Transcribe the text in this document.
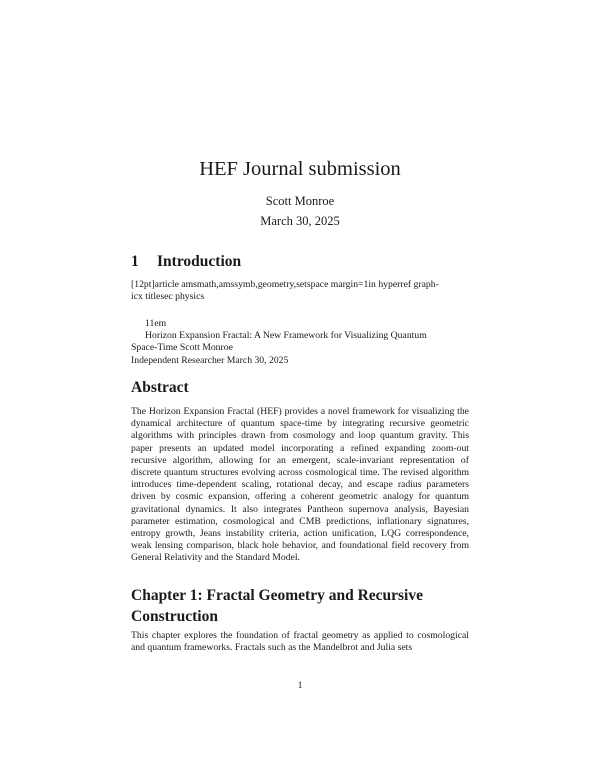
HEF Journal submission
Scott Monroe
March 30, 2025
1 Introduction

[12pt]article amsmath,amssymb,geometry,setspace margin=1in hyperref graph-

icx titlesec physics

11em

Horizon Expansion Fractal: A New Framework for Visualizing Quantum

Space-Time Scott Monroe

Independent Researcher March 30, 2025

Abstract

The Horizon Expansion Fractal (HEF) provides a novel framework for visualizing the dynamical architecture of quantum space-time by integrating recursive geometric algorithms with principles drawn from cosmology and loop quantum gravity. This paper presents an updated model incorporating a refined expanding zoom-out recursive algorithm, allowing for an emergent, scale-invariant representation of discrete quantum structures evolving across cosmological time. The revised algorithm introduces time-dependent scaling, rotational decay, and escape radius parameters driven by cosmic expansion, offering a coherent geometric analogy for quantum gravitational dynamics. It also integrates Pantheon supernova analysis, Bayesian parameter estimation, cosmological and CMB predictions, inflationary signatures, entropy growth, Jeans instability criteria, action unification, LQG correspondence, weak lensing comparison, black hole behavior, and foundational field recovery from General Relativity and the Standard Model.

Chapter 1: Fractal Geometry and Recursive Construction

This chapter explores the foundation of fractal geometry as applied to cosmological and quantum frameworks. Fractals such as the Mandelbrot and Julia sets

1
